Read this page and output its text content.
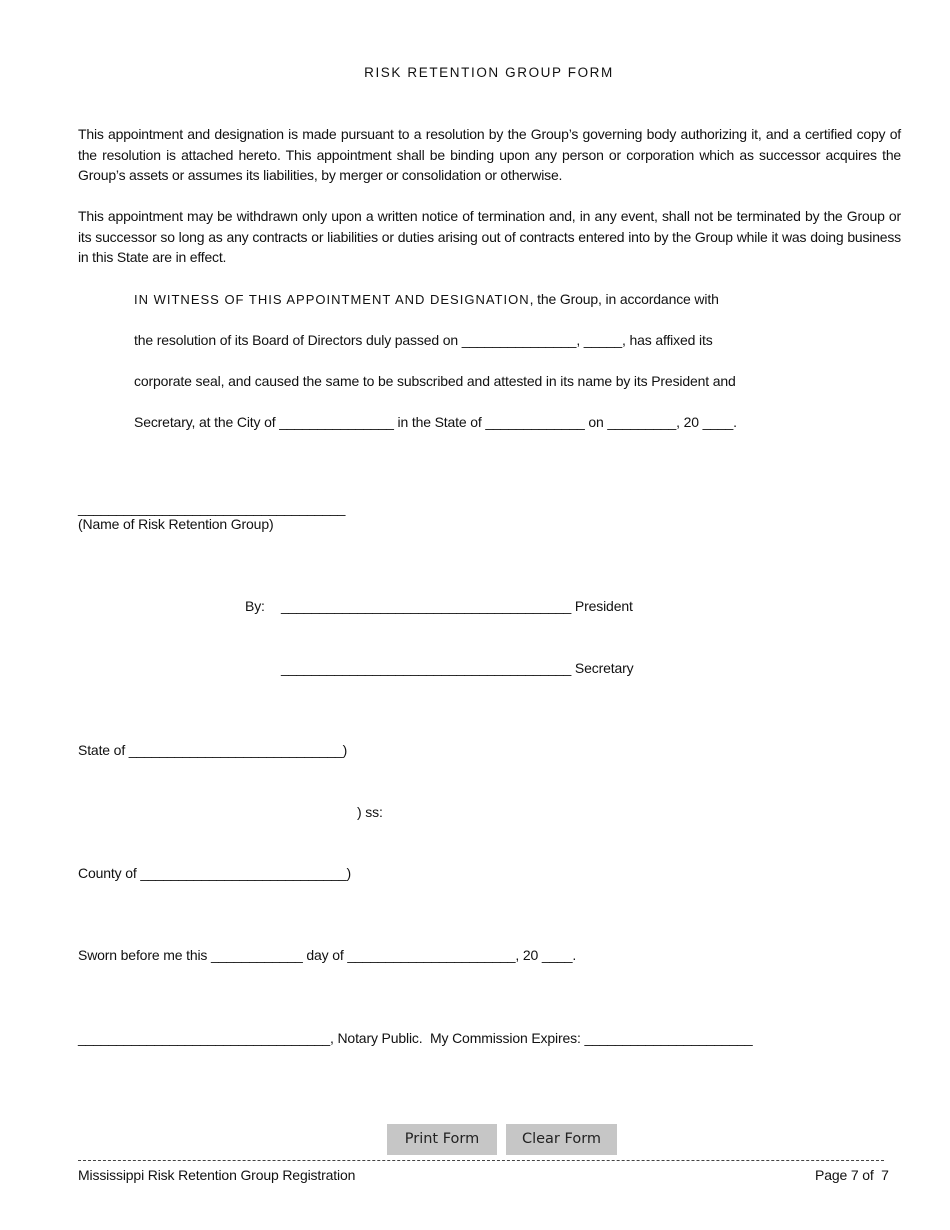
RISK RETENTION GROUP FORM
This appointment and designation is made pursuant to a resolution by the Group’s governing body authorizing it, and a certified copy of the resolution is attached hereto. This appointment shall be binding upon any person or corporation which as successor acquires the Group’s assets or assumes its liabilities, by merger or consolidation or otherwise.
This appointment may be withdrawn only upon a written notice of termination and, in any event, shall not be terminated by the Group or its successor so long as any contracts or liabilities or duties arising out of contracts entered into by the Group while it was doing business in this State are in effect.
IN WITNESS OF THIS APPOINTMENT AND DESIGNATION, the Group, in accordance with
the resolution of its Board of Directors duly passed on _______________, _____, has affixed its
corporate seal, and caused the same to be subscribed and attested in its name by its President and
Secretary, at the City of _______________ in the State of _____________ on _________, 20 ____.
___________________________________
(Name of Risk Retention Group)
By: ______________________________________ President
______________________________________ Secretary
State of ____________________________)
) ss:
County of ___________________________)
Sworn before me this ____________ day of ______________________, 20 ____.
_________________________________, Notary Public.  My Commission Expires: ______________________
Print Form	Clear Form
Mississippi Risk Retention Group Registration	Page 7 of  7
